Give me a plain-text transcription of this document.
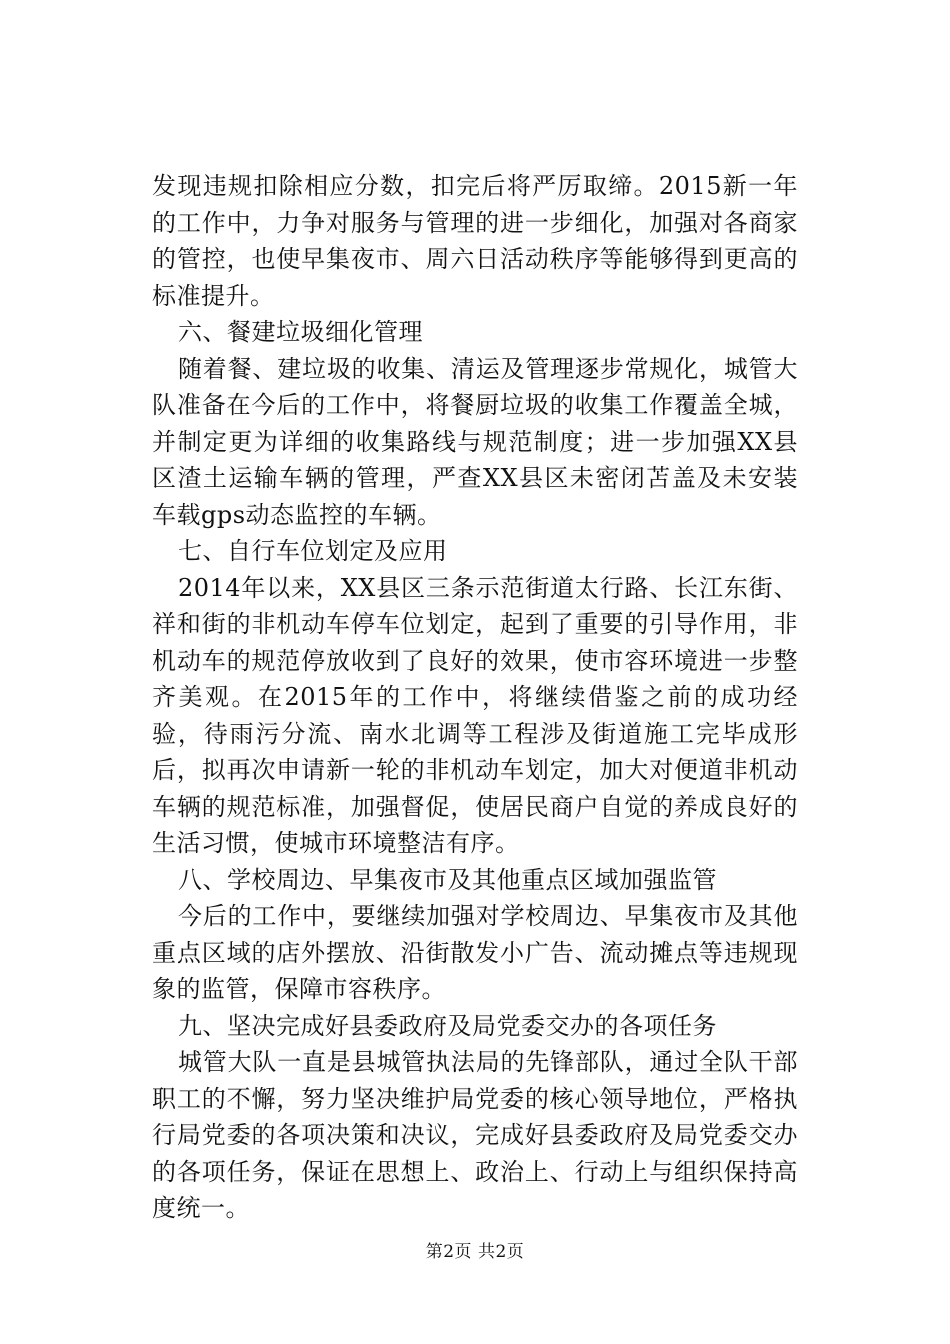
发现违规扣除相应分数，扣完后将严厉取缔。2015新一年的工作中，力争对服务与管理的进一步细化，加强对各商家的管控，也使早集夜市、周六日活动秩序等能够得到更高的标准提升。

六、餐建垃圾细化管理

随着餐、建垃圾的收集、清运及管理逐步常规化，城管大队准备在今后的工作中，将餐厨垃圾的收集工作覆盖全城，并制定更为详细的收集路线与规范制度；进一步加强XX县区渣土运输车辆的管理，严查XX县区未密闭苫盖及未安装车载gps动态监控的车辆。

七、自行车位划定及应用

2014年以来，XX县区三条示范街道太行路、长江东街、祥和街的非机动车停车位划定，起到了重要的引导作用，非机动车的规范停放收到了良好的效果，使市容环境进一步整齐美观。在2015年的工作中，将继续借鉴之前的成功经验，待雨污分流、南水北调等工程涉及街道施工完毕成形后，拟再次申请新一轮的非机动车划定，加大对便道非机动车辆的规范标准，加强督促，使居民商户自觉的养成良好的生活习惯，使城市环境整洁有序。

八、学校周边、早集夜市及其他重点区域加强监管

今后的工作中，要继续加强对学校周边、早集夜市及其他重点区域的店外摆放、沿街散发小广告、流动摊点等违规现象的监管，保障市容秩序。

九、坚决完成好县委政府及局党委交办的各项任务

城管大队一直是县城管执法局的先锋部队，通过全队干部职工的不懈，努力坚决维护局党委的核心领导地位，严格执行局党委的各项决策和决议，完成好县委政府及局党委交办的各项任务，保证在思想上、政治上、行动上与组织保持高度统一。

第2页 共2页
